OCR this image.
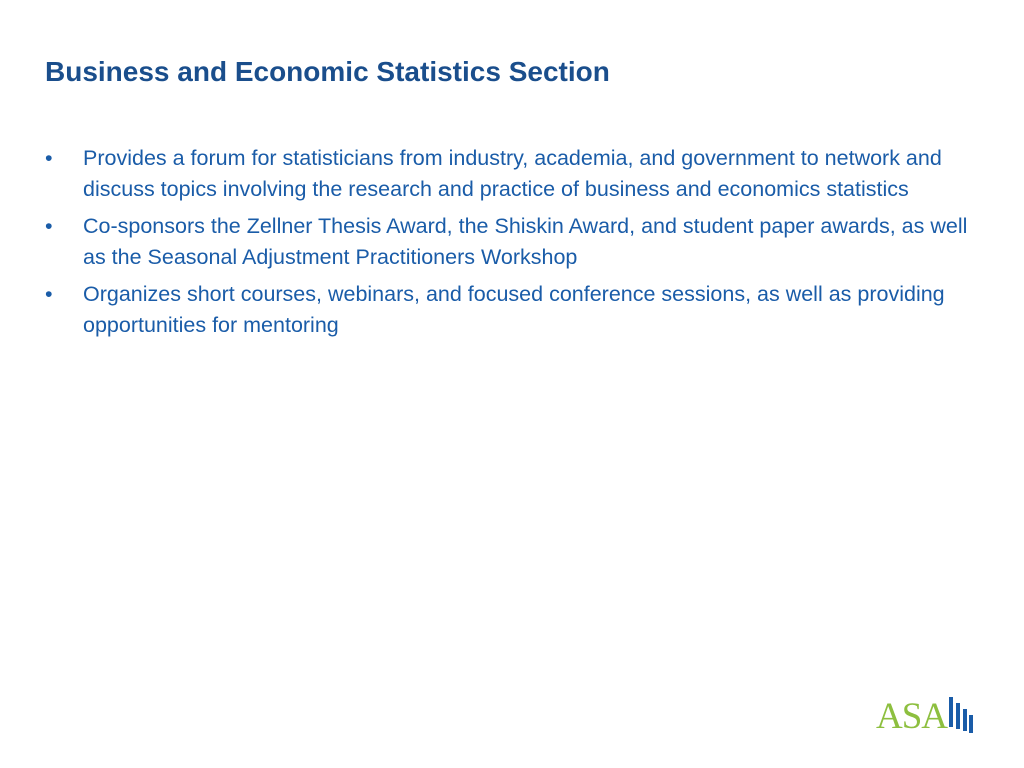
Business and Economic Statistics Section
•	Provides a forum for statisticians from industry, academia, and government to network and discuss topics involving the research and practice of business and economics statistics
•	Co-sponsors the Zellner Thesis Award, the Shiskin Award, and student paper awards, as well as the Seasonal Adjustment Practitioners Workshop
•	Organizes short courses, webinars, and focused conference sessions, as well as providing opportunities for mentoring
ASA
